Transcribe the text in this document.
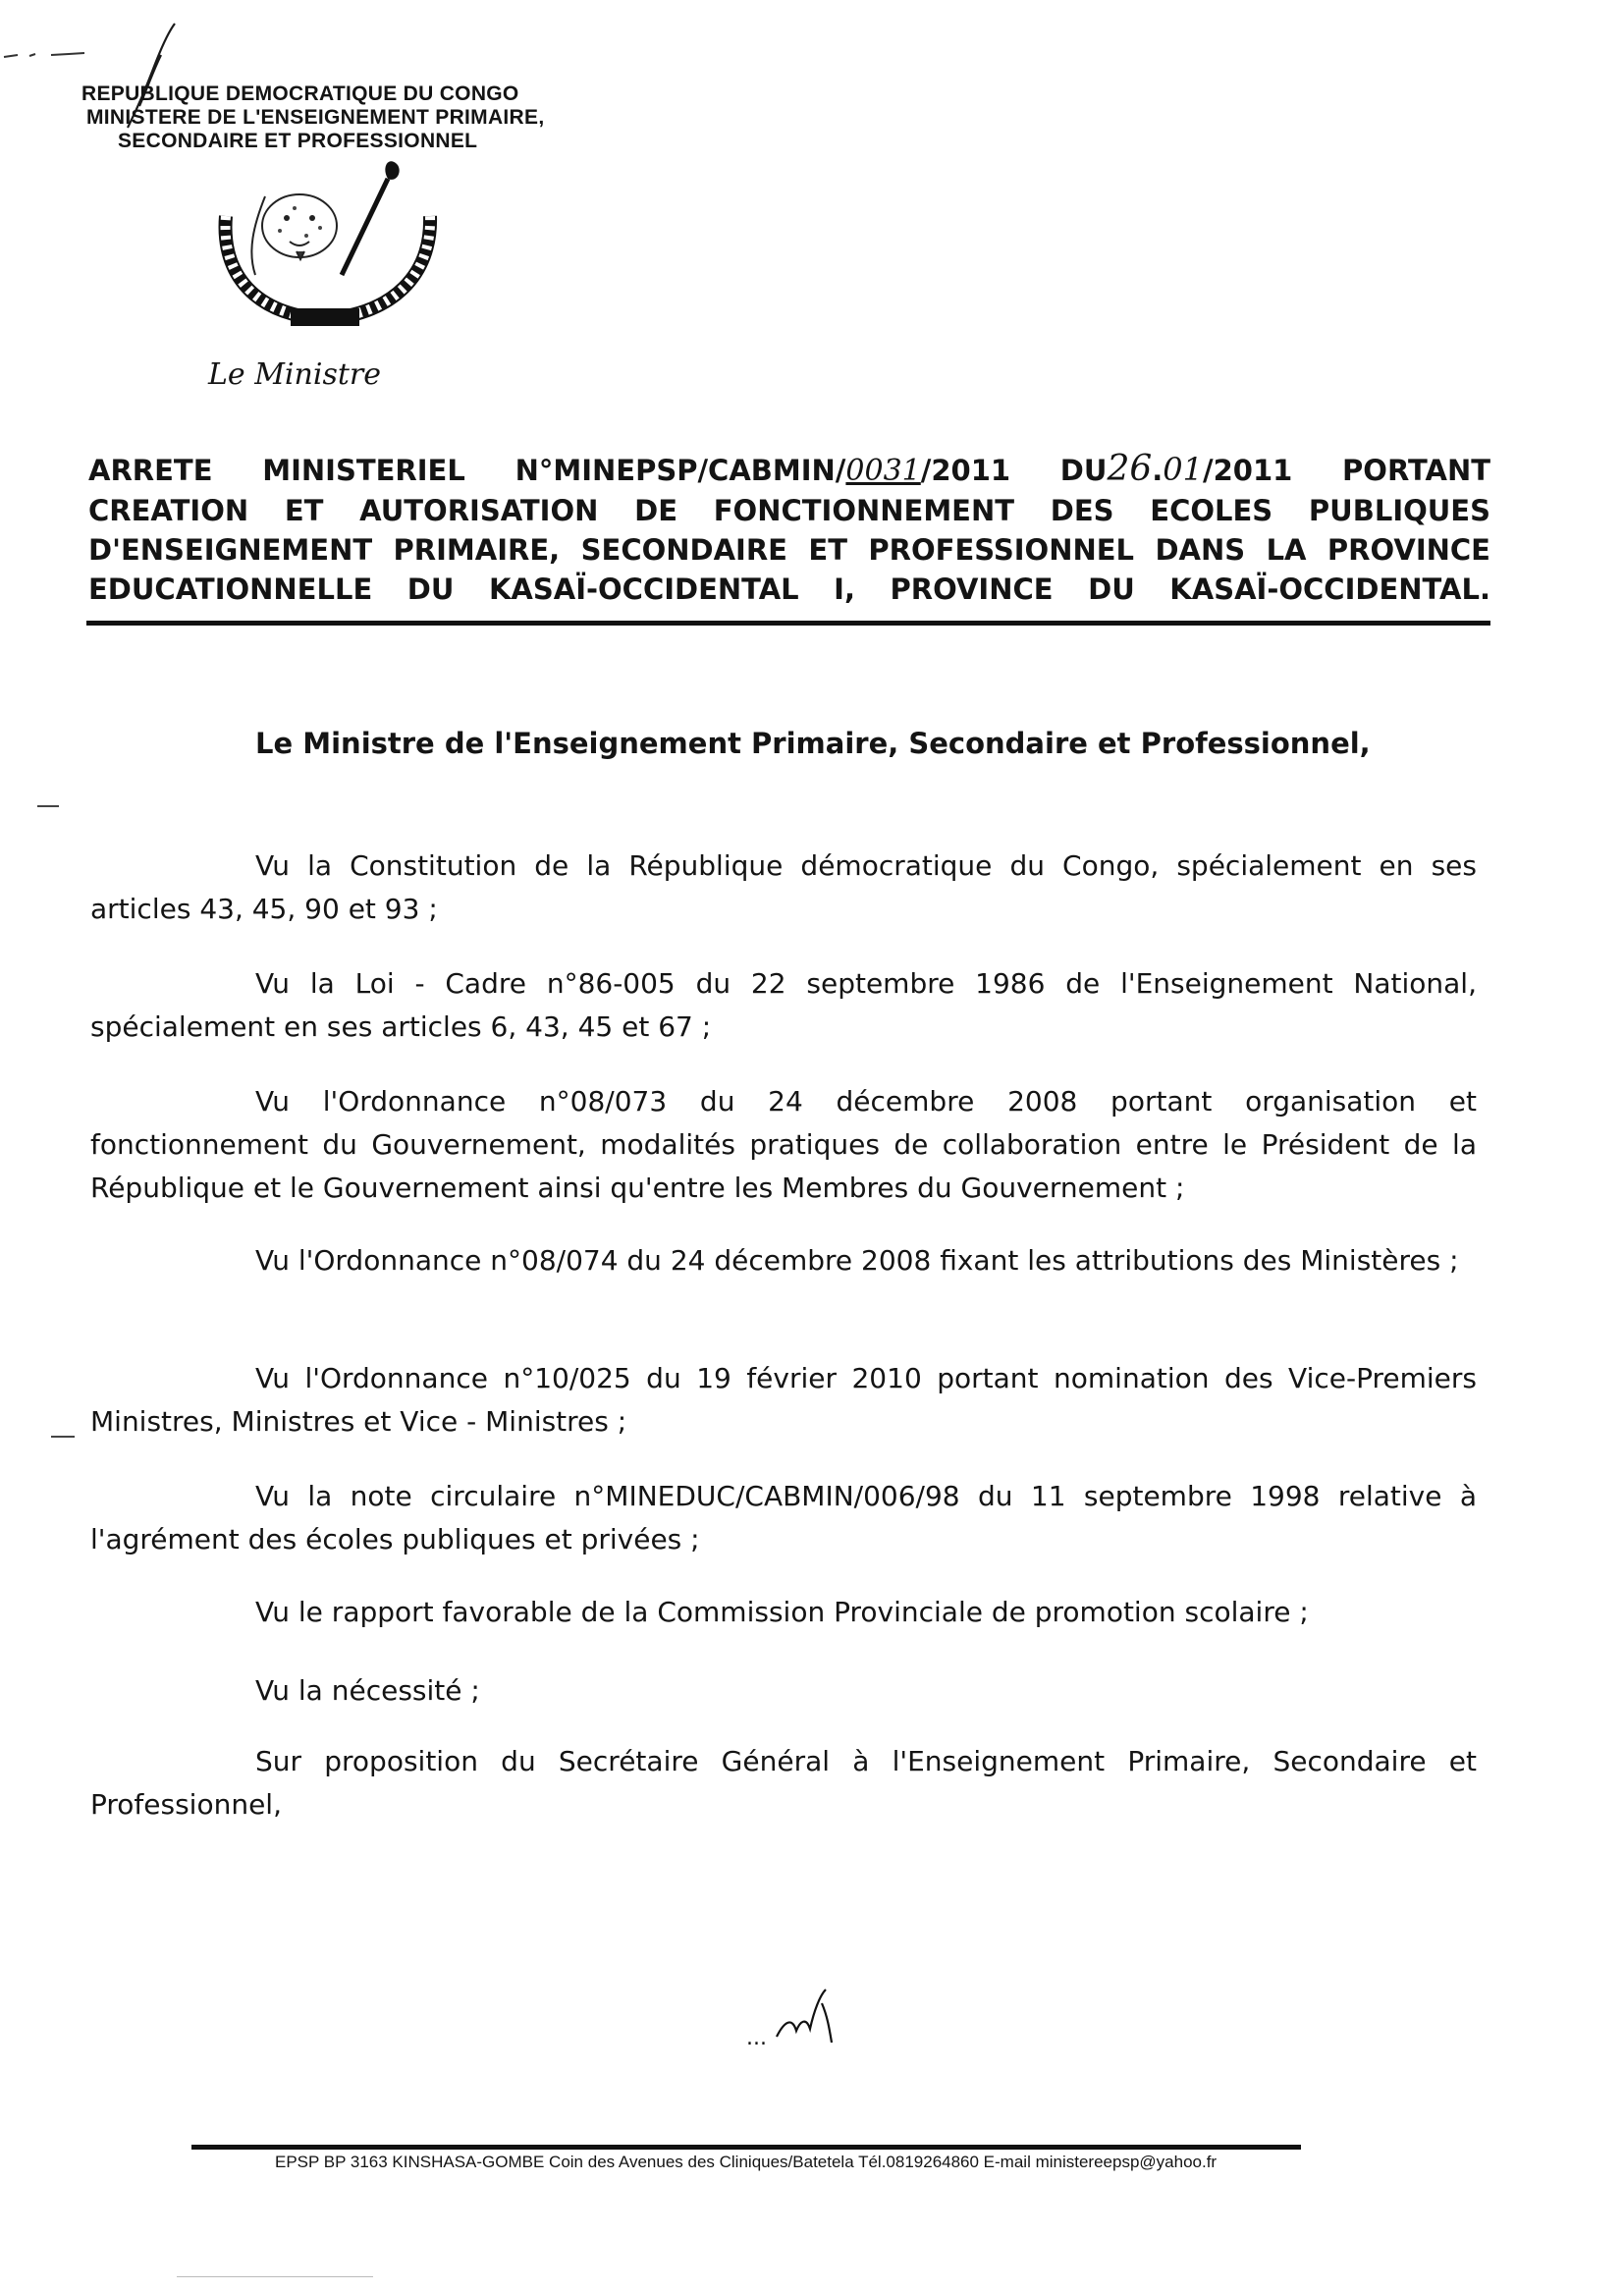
REPUBLIQUE DEMOCRATIQUE DU CONGO
MINISTERE DE L'ENSEIGNEMENT PRIMAIRE,
SECONDAIRE ET PROFESSIONNEL
Le Ministre
ARRETE MINISTERIEL N°MINEPSP/CABMIN/0031/2011 DU26.01/2011 PORTANT
CREATION ET AUTORISATION DE FONCTIONNEMENT DES ECOLES PUBLIQUES
D'ENSEIGNEMENT PRIMAIRE, SECONDAIRE ET PROFESSIONNEL DANS LA PROVINCE
EDUCATIONNELLE DU KASAÏ-OCCIDENTAL I, PROVINCE DU KASAÏ-OCCIDENTAL.
Le Ministre de l'Enseignement Primaire, Secondaire et Professionnel,
Vu la Constitution de la République démocratique du Congo, spécialement en ses articles 43, 45, 90 et 93 ;
Vu la Loi - Cadre n°86-005 du 22 septembre 1986 de l'Enseignement National, spécialement en ses articles 6, 43, 45 et 67 ;
Vu l'Ordonnance n°08/073 du 24 décembre 2008 portant organisation et fonctionnement du Gouvernement, modalités pratiques de collaboration entre le Président de la République et le Gouvernement ainsi qu'entre les Membres du Gouvernement ;
Vu l'Ordonnance n°08/074 du 24 décembre 2008 fixant les attributions des Ministères ;
Vu l'Ordonnance n°10/025 du 19 février 2010 portant nomination des Vice-Premiers Ministres, Ministres et Vice - Ministres ;
Vu la note circulaire n°MINEDUC/CABMIN/006/98 du 11 septembre 1998 relative à l'agrément des écoles publiques et privées ;
Vu le rapport favorable de la Commission Provinciale de promotion scolaire ;
Vu la nécessité ;
Sur proposition du Secrétaire Général à l'Enseignement Primaire, Secondaire et Professionnel,
...
EPSP BP 3163 KINSHASA-GOMBE Coin des Avenues des Cliniques/Batetela Tél.0819264860 E-mail ministereepsp@yahoo.fr
